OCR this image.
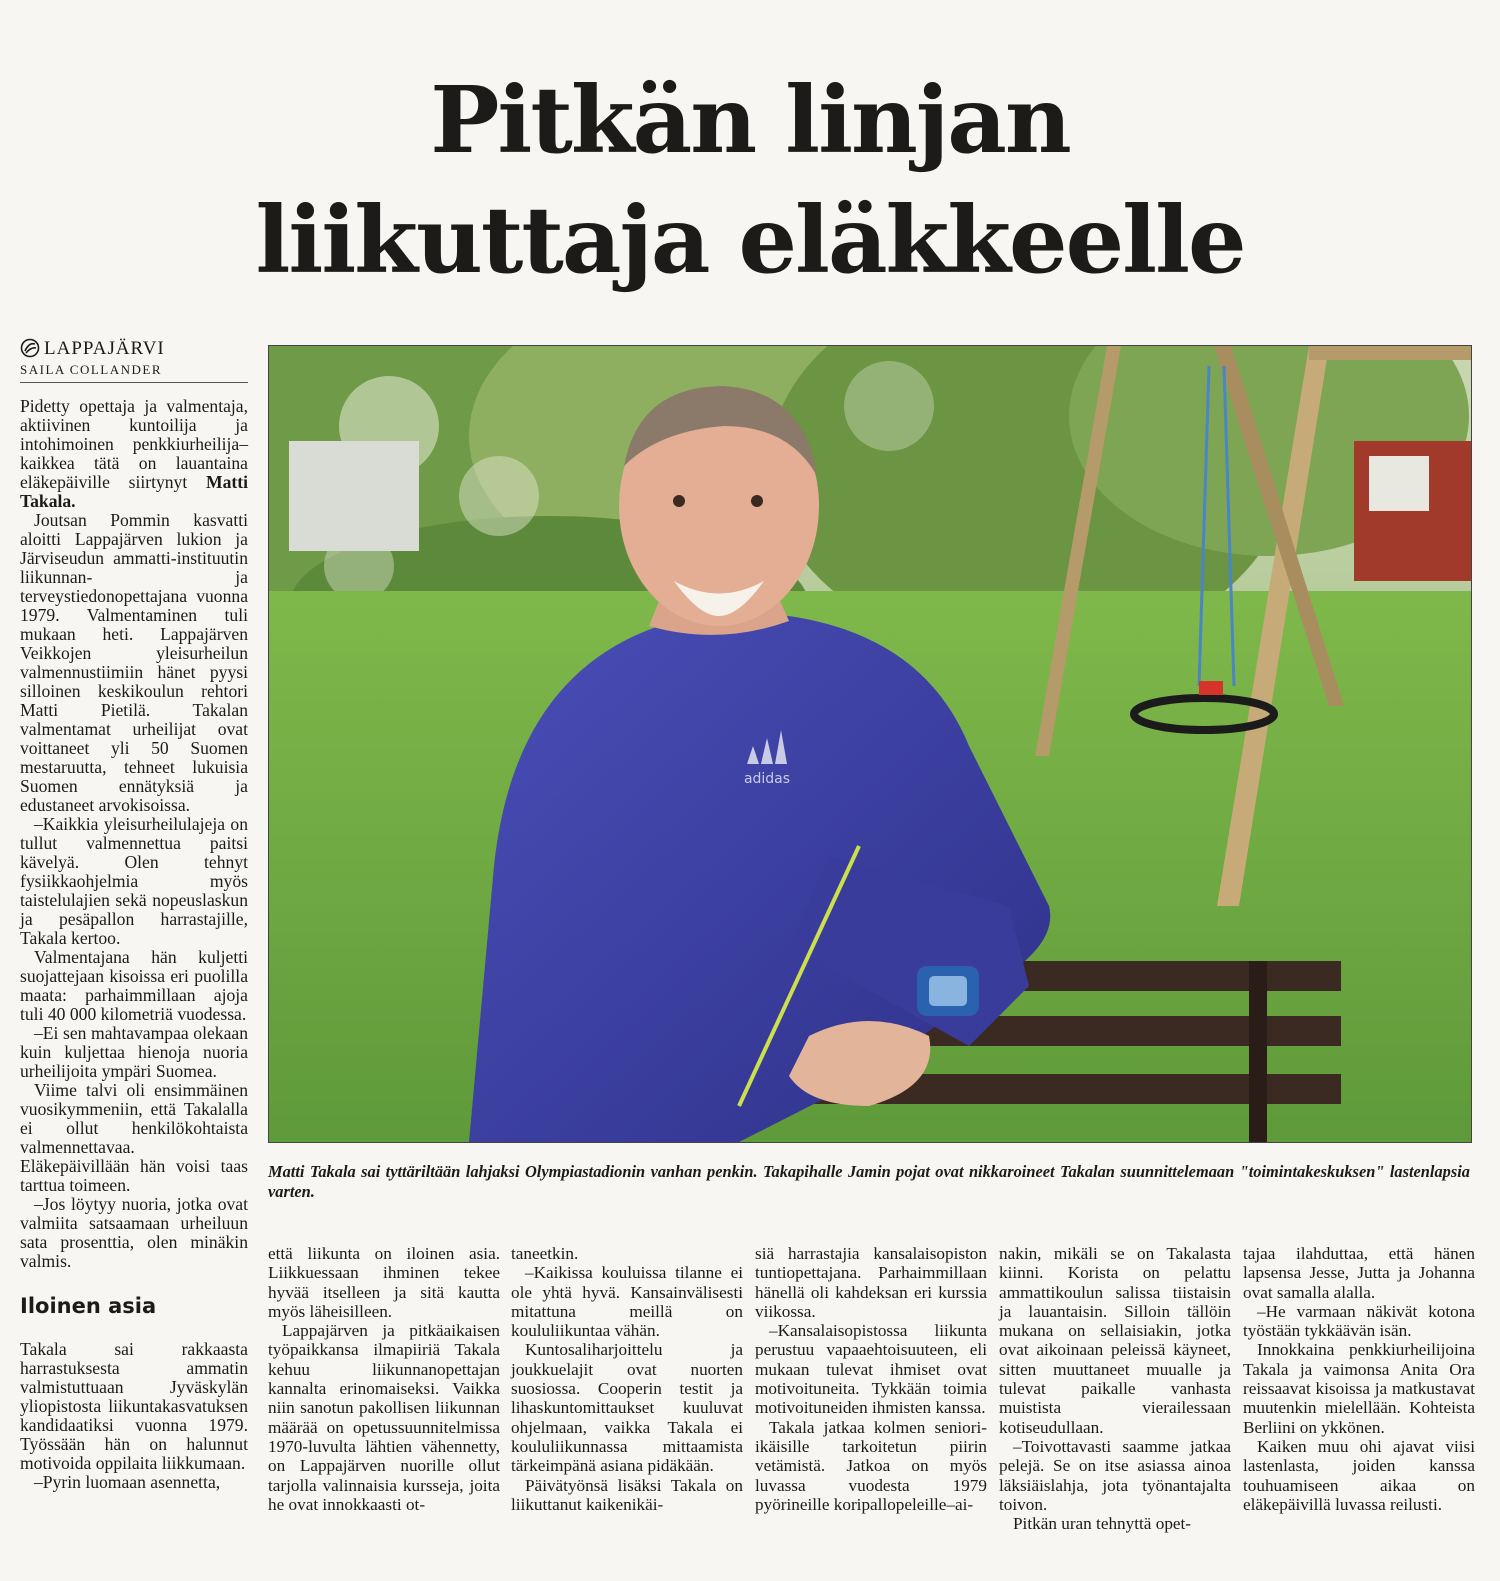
Pitkän linjan
liikuttaja eläkkeelle
LAPPAJÄRVI
SAILA COLLANDER

Pidetty opettaja ja valmentaja, aktiivinen kuntoilija ja intohimoinen penkkiurheilija–kaikkea tätä on lauantaina eläkepäiville siirtynyt Matti Takala.

Joutsan Pommin kasvatti aloitti Lappajärven lukion ja Järviseudun ammatti-instituutin liikunnan- ja terveystiedonopettajana vuonna 1979. Valmentaminen tuli mukaan heti. Lappajärven Veikkojen yleisurheilun valmennustiimiin hänet pyysi silloinen keskikoulun rehtori Matti Pietilä. Takalan valmentamat urheilijat ovat voittaneet yli 50 Suomen mestaruutta, tehneet lukuisia Suomen ennätyksiä ja edustaneet arvokisoissa.

–Kaikkia yleisurheilulajeja on tullut valmennettua paitsi kävelyä. Olen tehnyt fysiikkaohjelmia myös taistelulajien sekä nopeuslaskun ja pesäpallon harrastajille, Takala kertoo.

Valmentajana hän kuljetti suojattejaan kisoissa eri puolilla maata: parhaimmillaan ajoja tuli 40 000 kilometriä vuodessa.

–Ei sen mahtavampaa olekaan kuin kuljettaa hienoja nuoria urheilijoita ympäri Suomea.

Viime talvi oli ensimmäinen vuosikymmeniin, että Takalalla ei ollut henkilökohtaista valmennettavaa. Eläkepäivillään hän voisi taas tarttua toimeen.

–Jos löytyy nuoria, jotka ovat valmiita satsaamaan urheiluun sata prosenttia, olen minäkin valmis.

Iloinen asia

Takala sai rakkaasta harrastuksesta ammatin valmistuttuaan Jyväskylän yliopistosta liikuntakasvatuksen kandidaatiksi vuonna 1979. Työssään hän on halunnut motivoida oppilaita liikkumaan.

–Pyrin luomaan asennetta,

adidas

Matti Takala sai tyttäriltään lahjaksi Olympiastadionin vanhan penkin. Takapihalle Jamin pojat ovat nikkaroineet Takalan suunnittelemaan "toimintakeskuksen" lastenlapsia varten.

että liikunta on iloinen asia. Liikkuessaan ihminen tekee hyvää itselleen ja sitä kautta myös läheisilleen.

Lappajärven ja pitkäaikaisen työpaikkansa ilmapiiriä Takala kehuu liikunnanopettajan kannalta erinomaiseksi. Vaikka niin sanotun pakollisen liikunnan määrää on opetussuunnitelmissa 1970-luvulta lähtien vähennetty, on Lappajärven nuorille ollut tarjolla valinnaisia kursseja, joita he ovat innokkaasti ot-

taneetkin.

–Kaikissa kouluissa tilanne ei ole yhtä hyvä. Kansainvälisesti mitattuna meillä on koululiikuntaa vähän.

Kuntosaliharjoittelu ja joukkuelajit ovat nuorten suosiossa. Cooperin testit ja lihaskuntomittaukset kuuluvat ohjelmaan, vaikka Takala ei koululiikunnassa mittaamista tärkeimpänä asiana pidäkään.

Päivätyönsä lisäksi Takala on liikuttanut kaikenikäi-

siä harrastajia kansalaisopiston tuntiopettajana. Parhaimmillaan hänellä oli kahdeksan eri kurssia viikossa.

–Kansalaisopistossa liikunta perustuu vapaaehtoisuuteen, eli mukaan tulevat ihmiset ovat motivoituneita. Tykkään toimia motivoituneiden ihmisten kanssa.

Takala jatkaa kolmen seniori-ikäisille tarkoitetun piirin vetämistä. Jatkoa on myös luvassa vuodesta 1979 pyörineille koripallopeleille–ai-

nakin, mikäli se on Takalasta kiinni. Korista on pelattu ammattikoulun salissa tiistaisin ja lauantaisin. Silloin tällöin mukana on sellaisiakin, jotka ovat aikoinaan peleissä käyneet, sitten muuttaneet muualle ja tulevat paikalle vanhasta muistista vierailessaan kotiseudullaan.

–Toivottavasti saamme jatkaa pelejä. Se on itse asiassa ainoa läksiäislahja, jota työnantajalta toivon.

Pitkän uran tehnyttä opet-

tajaa ilahduttaa, että hänen lapsensa Jesse, Jutta ja Johanna ovat samalla alalla.

–He varmaan näkivät kotona työstään tykkäävän isän.

Innokkaina penkkiurheilijoina Takala ja vaimonsa Anita Ora reissaavat kisoissa ja matkustavat muutenkin mielellään. Kohteista Berliini on ykkönen.

Kaiken muu ohi ajavat viisi lastenlasta, joiden kanssa touhuamiseen aikaa on eläkepäivillä luvassa reilusti.
